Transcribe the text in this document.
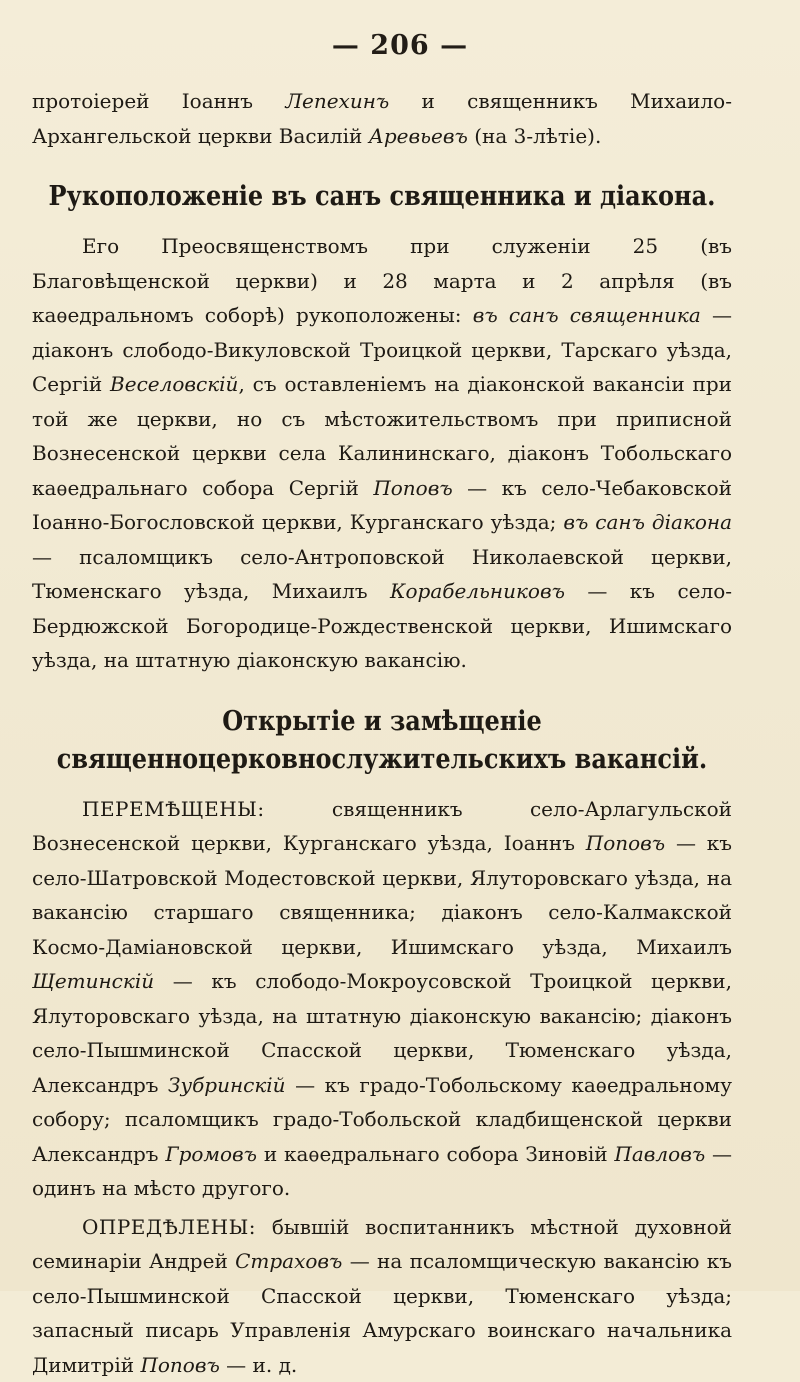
— 206 —

протоіерей Іоаннъ Лепехинъ и священникъ Михаило-Архангельской церкви Василій Аревьевъ (на 3-лѣтіе).

Рукоположеніе въ санъ священника и діакона.

Его Преосвященствомъ при служеніи 25 (въ Благовѣщенской церкви) и 28 марта и 2 апрѣля (въ каѳедральномъ соборѣ) рукоположены: въ санъ священника — діаконъ слободо-Викуловской Троицкой церкви, Тарскаго уѣзда, Сергій Веселовскій, съ оставленіемъ на діаконской вакансіи при той же церкви, но съ мѣстожительствомъ при приписной Вознесенской церкви села Калининскаго, діаконъ Тобольскаго каѳедральнаго собора Сергій Поповъ — къ село-Чебаковской Іоанно-Богословской церкви, Курганскаго уѣзда; въ санъ діакона — псаломщикъ село-Антроповской Николаевской церкви, Тюменскаго уѣзда, Михаилъ Корабельниковъ — къ село-Бердюжской Богородице-Рождественской церкви, Ишимскаго уѣзда, на штатную діаконскую вакансію.

Открытіе и замѣщеніе священноцерковнослужительскихъ вакансій.

ПЕРЕМѢЩЕНЫ: священникъ село-Арлагульской Вознесенской церкви, Курганскаго уѣзда, Іоаннъ Поповъ — къ село-Шатровской Модестовской церкви, Ялуторовскаго уѣзда, на вакансію старшаго священника; діаконъ село-Калмакской Космо-Даміановской церкви, Ишимскаго уѣзда, Михаилъ Щетинскій — къ слободо-Мокроусовской Троицкой церкви, Ялуторовскаго уѣзда, на штатную діаконскую вакансію; діаконъ село-Пышминской Спасской церкви, Тюменскаго уѣзда, Александръ Зубринскій — къ градо-Тобольскому каѳедральному собору; псаломщикъ градо-Тобольской кладбищенской церкви Александръ Громовъ и каѳедральнаго собора Зиновій Павловъ — одинъ на мѣсто другого.

ОПРЕДѢЛЕНЫ: бывшій воспитанникъ мѣстной духовной семинаріи Андрей Страховъ — на псаломщическую вакансію къ село-Пышминской Спасской церкви, Тюменскаго уѣзда; запасный писарь Управленія Амурскаго воинскаго начальника Димитрій Поповъ — и. д.
